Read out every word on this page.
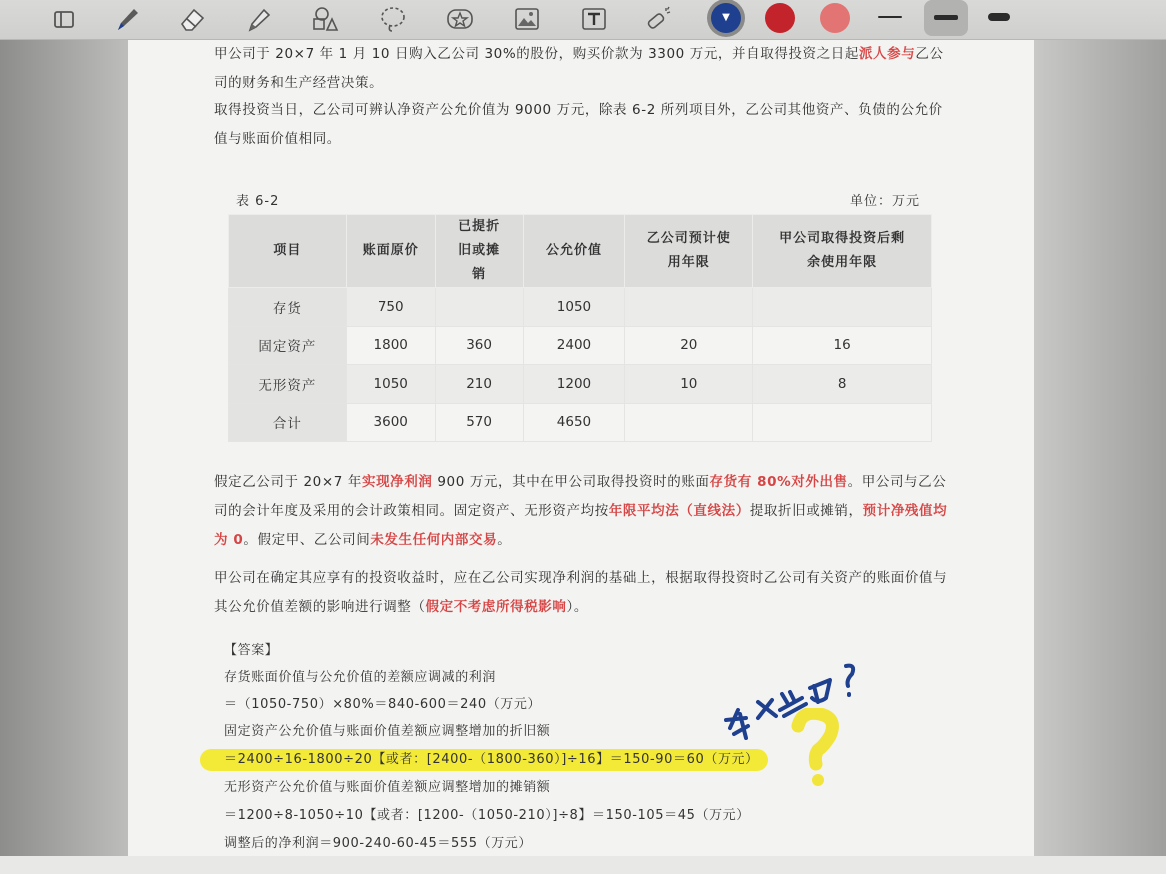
▼
甲公司于 20×7 年 1 月 10 日购入乙公司 30%的股份，购买价款为 3300 万元，并自取得投资之日起派人参与乙公司的财务和生产经营决策。
取得投资当日，乙公司可辨认净资产公允价值为 9000 万元，除表 6-2 所列项目外，乙公司其他资产、负债的公允价值与账面价值相同。
表 6-2	单位：万元
项目	账面原价	已提折旧或摊销	公允价值	乙公司预计使用年限	甲公司取得投资后剩余使用年限
存货	750		1050		
固定资产	1800	360	2400	20	16
无形资产	1050	210	1200	10	8
合计	3600	570	4650		
假定乙公司于 20×7 年实现净利润 900 万元，其中在甲公司取得投资时的账面存货有 80%对外出售。甲公司与乙公司的会计年度及采用的会计政策相同。固定资产、无形资产均按年限平均法（直线法）提取折旧或摊销，预计净残值均为 0。假定甲、乙公司间未发生任何内部交易。
甲公司在确定其应享有的投资收益时，应在乙公司实现净利润的基础上，根据取得投资时乙公司有关资产的账面价值与其公允价值差额的影响进行调整（假定不考虑所得税影响）。
【答案】
存货账面价值与公允价值的差额应调减的利润
＝（1050-750）×80%＝840-600＝240（万元）
固定资产公允价值与账面价值差额应调整增加的折旧额
＝2400÷16-1800÷20【或者：[2400-（1800-360）]÷16】＝150-90＝60（万元）
无形资产公允价值与账面价值差额应调整增加的摊销额
＝1200÷8-1050÷10【或者：[1200-（1050-210）]÷8】＝150-105＝45（万元）
调整后的净利润＝900-240-60-45＝555（万元）
